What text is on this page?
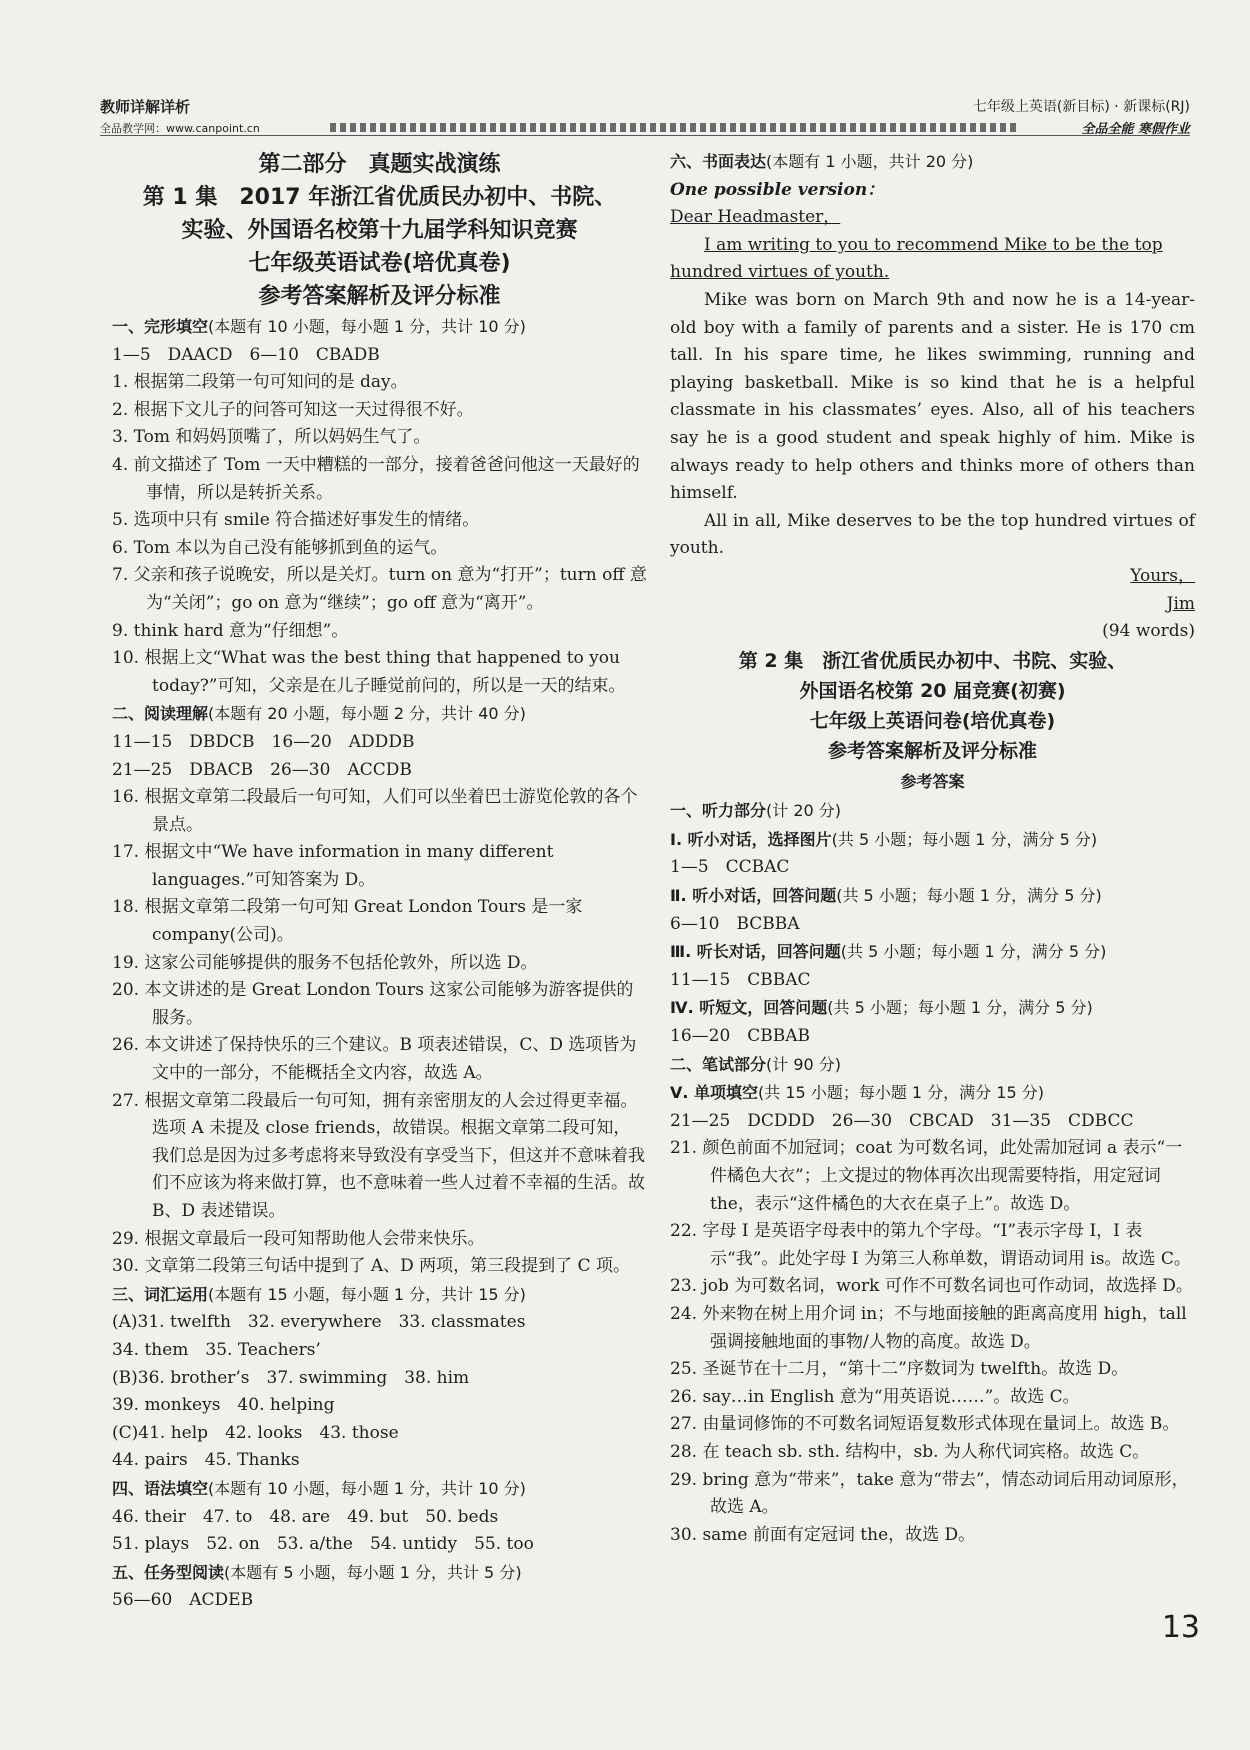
教师详解详析
全品教学网：www.canpoint.cn
七年级上英语(新目标) · 新课标(RJ)
全品全能 寒假作业

第二部分　真题实战演练

第 1 集　2017 年浙江省优质民办初中、书院、

实验、外国语名校第十九届学科知识竞赛

七年级英语试卷(培优真卷)

参考答案解析及评分标准

一、完形填空(本题有 10 小题，每小题 1 分，共计 10 分)

1—5　DAACD　6—10　CBADB

1. 根据第二段第一句可知问的是 day。

2. 根据下文儿子的问答可知这一天过得很不好。

3. Tom 和妈妈顶嘴了，所以妈妈生气了。

4. 前文描述了 Tom 一天中糟糕的一部分，接着爸爸问他这一天最好的事情，所以是转折关系。

5. 选项中只有 smile 符合描述好事发生的情绪。

6. Tom 本以为自己没有能够抓到鱼的运气。

7. 父亲和孩子说晚安，所以是关灯。turn on 意为“打开”；turn off 意为“关闭”；go on 意为“继续”；go off 意为“离开”。

9. think hard 意为“仔细想”。

10. 根据上文“What was the best thing that happened to you today?”可知，父亲是在儿子睡觉前问的，所以是一天的结束。

二、阅读理解(本题有 20 小题，每小题 2 分，共计 40 分)

11—15　DBDCB　16—20　ADDDB

21—25　DBACB　26—30　ACCDB

16. 根据文章第二段最后一句可知，人们可以坐着巴士游览伦敦的各个景点。

17. 根据文中“We have information in many different languages.”可知答案为 D。

18. 根据文章第二段第一句可知 Great London Tours 是一家 company(公司)。

19. 这家公司能够提供的服务不包括伦敦外，所以选 D。

20. 本文讲述的是 Great London Tours 这家公司能够为游客提供的服务。

26. 本文讲述了保持快乐的三个建议。B 项表述错误，C、D 选项皆为文中的一部分，不能概括全文内容，故选 A。

27. 根据文章第二段最后一句可知，拥有亲密朋友的人会过得更幸福。选项 A 未提及 close friends，故错误。根据文章第二段可知，我们总是因为过多考虑将来导致没有享受当下，但这并不意味着我们不应该为将来做打算，也不意味着一些人过着不幸福的生活。故 B、D 表述错误。

29. 根据文章最后一段可知帮助他人会带来快乐。

30. 文章第二段第三句话中提到了 A、D 两项，第三段提到了 C 项。

三、词汇运用(本题有 15 小题，每小题 1 分，共计 15 分)

(A)31. twelfth　32. everywhere　33. classmates

34. them　35. Teachers’

(B)36. brother’s　37. swimming　38. him

39. monkeys　40. helping

(C)41. help　42. looks　43. those

44. pairs　45. Thanks

四、语法填空(本题有 10 小题，每小题 1 分，共计 10 分)

46. their　47. to　48. are　49. but　50. beds

51. plays　52. on　53. a/the　54. untidy　55. too

五、任务型阅读(本题有 5 小题，每小题 1 分，共计 5 分)

56—60　ACDEB

六、书面表达(本题有 1 小题，共计 20 分)

One possible version：

Dear Headmaster，

I am writing to you to recommend Mike to be the top

hundred virtues of youth.

Mike was born on March 9th and now he is a 14-year-old boy with a family of parents and a sister. He is 170 cm tall. In his spare time, he likes swimming, running and playing basketball. Mike is so kind that he is a helpful classmate in his classmates’ eyes. Also, all of his teachers say he is a good student and speak highly of him. Mike is always ready to help others and thinks more of others than himself.

All in all, Mike deserves to be the top hundred virtues of youth.

Yours，

Jim

(94 words)

第 2 集　浙江省优质民办初中、书院、实验、

外国语名校第 20 届竞赛(初赛)

七年级上英语问卷(培优真卷)

参考答案解析及评分标准

参考答案

一、听力部分(计 20 分)

Ⅰ. 听小对话，选择图片(共 5 小题；每小题 1 分，满分 5 分)

1—5　CCBAC

Ⅱ. 听小对话，回答问题(共 5 小题；每小题 1 分，满分 5 分)

6—10　BCBBA

Ⅲ. 听长对话，回答问题(共 5 小题；每小题 1 分，满分 5 分)

11—15　CBBAC

Ⅳ. 听短文，回答问题(共 5 小题；每小题 1 分，满分 5 分)

16—20　CBBAB

二、笔试部分(计 90 分)

Ⅴ. 单项填空(共 15 小题；每小题 1 分，满分 15 分)

21—25　DCDDD　26—30　CBCAD　31—35　CDBCC

21. 颜色前面不加冠词；coat 为可数名词，此处需加冠词 a 表示“一件橘色大衣”；上文提过的物体再次出现需要特指，用定冠词 the，表示“这件橘色的大衣在桌子上”。故选 D。

22. 字母 I 是英语字母表中的第九个字母。“I”表示字母 I，I 表示“我”。此处字母 I 为第三人称单数，谓语动词用 is。故选 C。

23. job 为可数名词，work 可作不可数名词也可作动词，故选择 D。

24. 外来物在树上用介词 in；不与地面接触的距离高度用 high，tall 强调接触地面的事物/人物的高度。故选 D。

25. 圣诞节在十二月，“第十二”序数词为 twelfth。故选 D。

26. say…in English 意为“用英语说……”。故选 C。

27. 由量词修饰的不可数名词短语复数形式体现在量词上。故选 B。

28. 在 teach sb. sth. 结构中，sb. 为人称代词宾格。故选 C。

29. bring 意为“带来”，take 意为“带去”，情态动词后用动词原形，故选 A。

30. same 前面有定冠词 the，故选 D。

13
